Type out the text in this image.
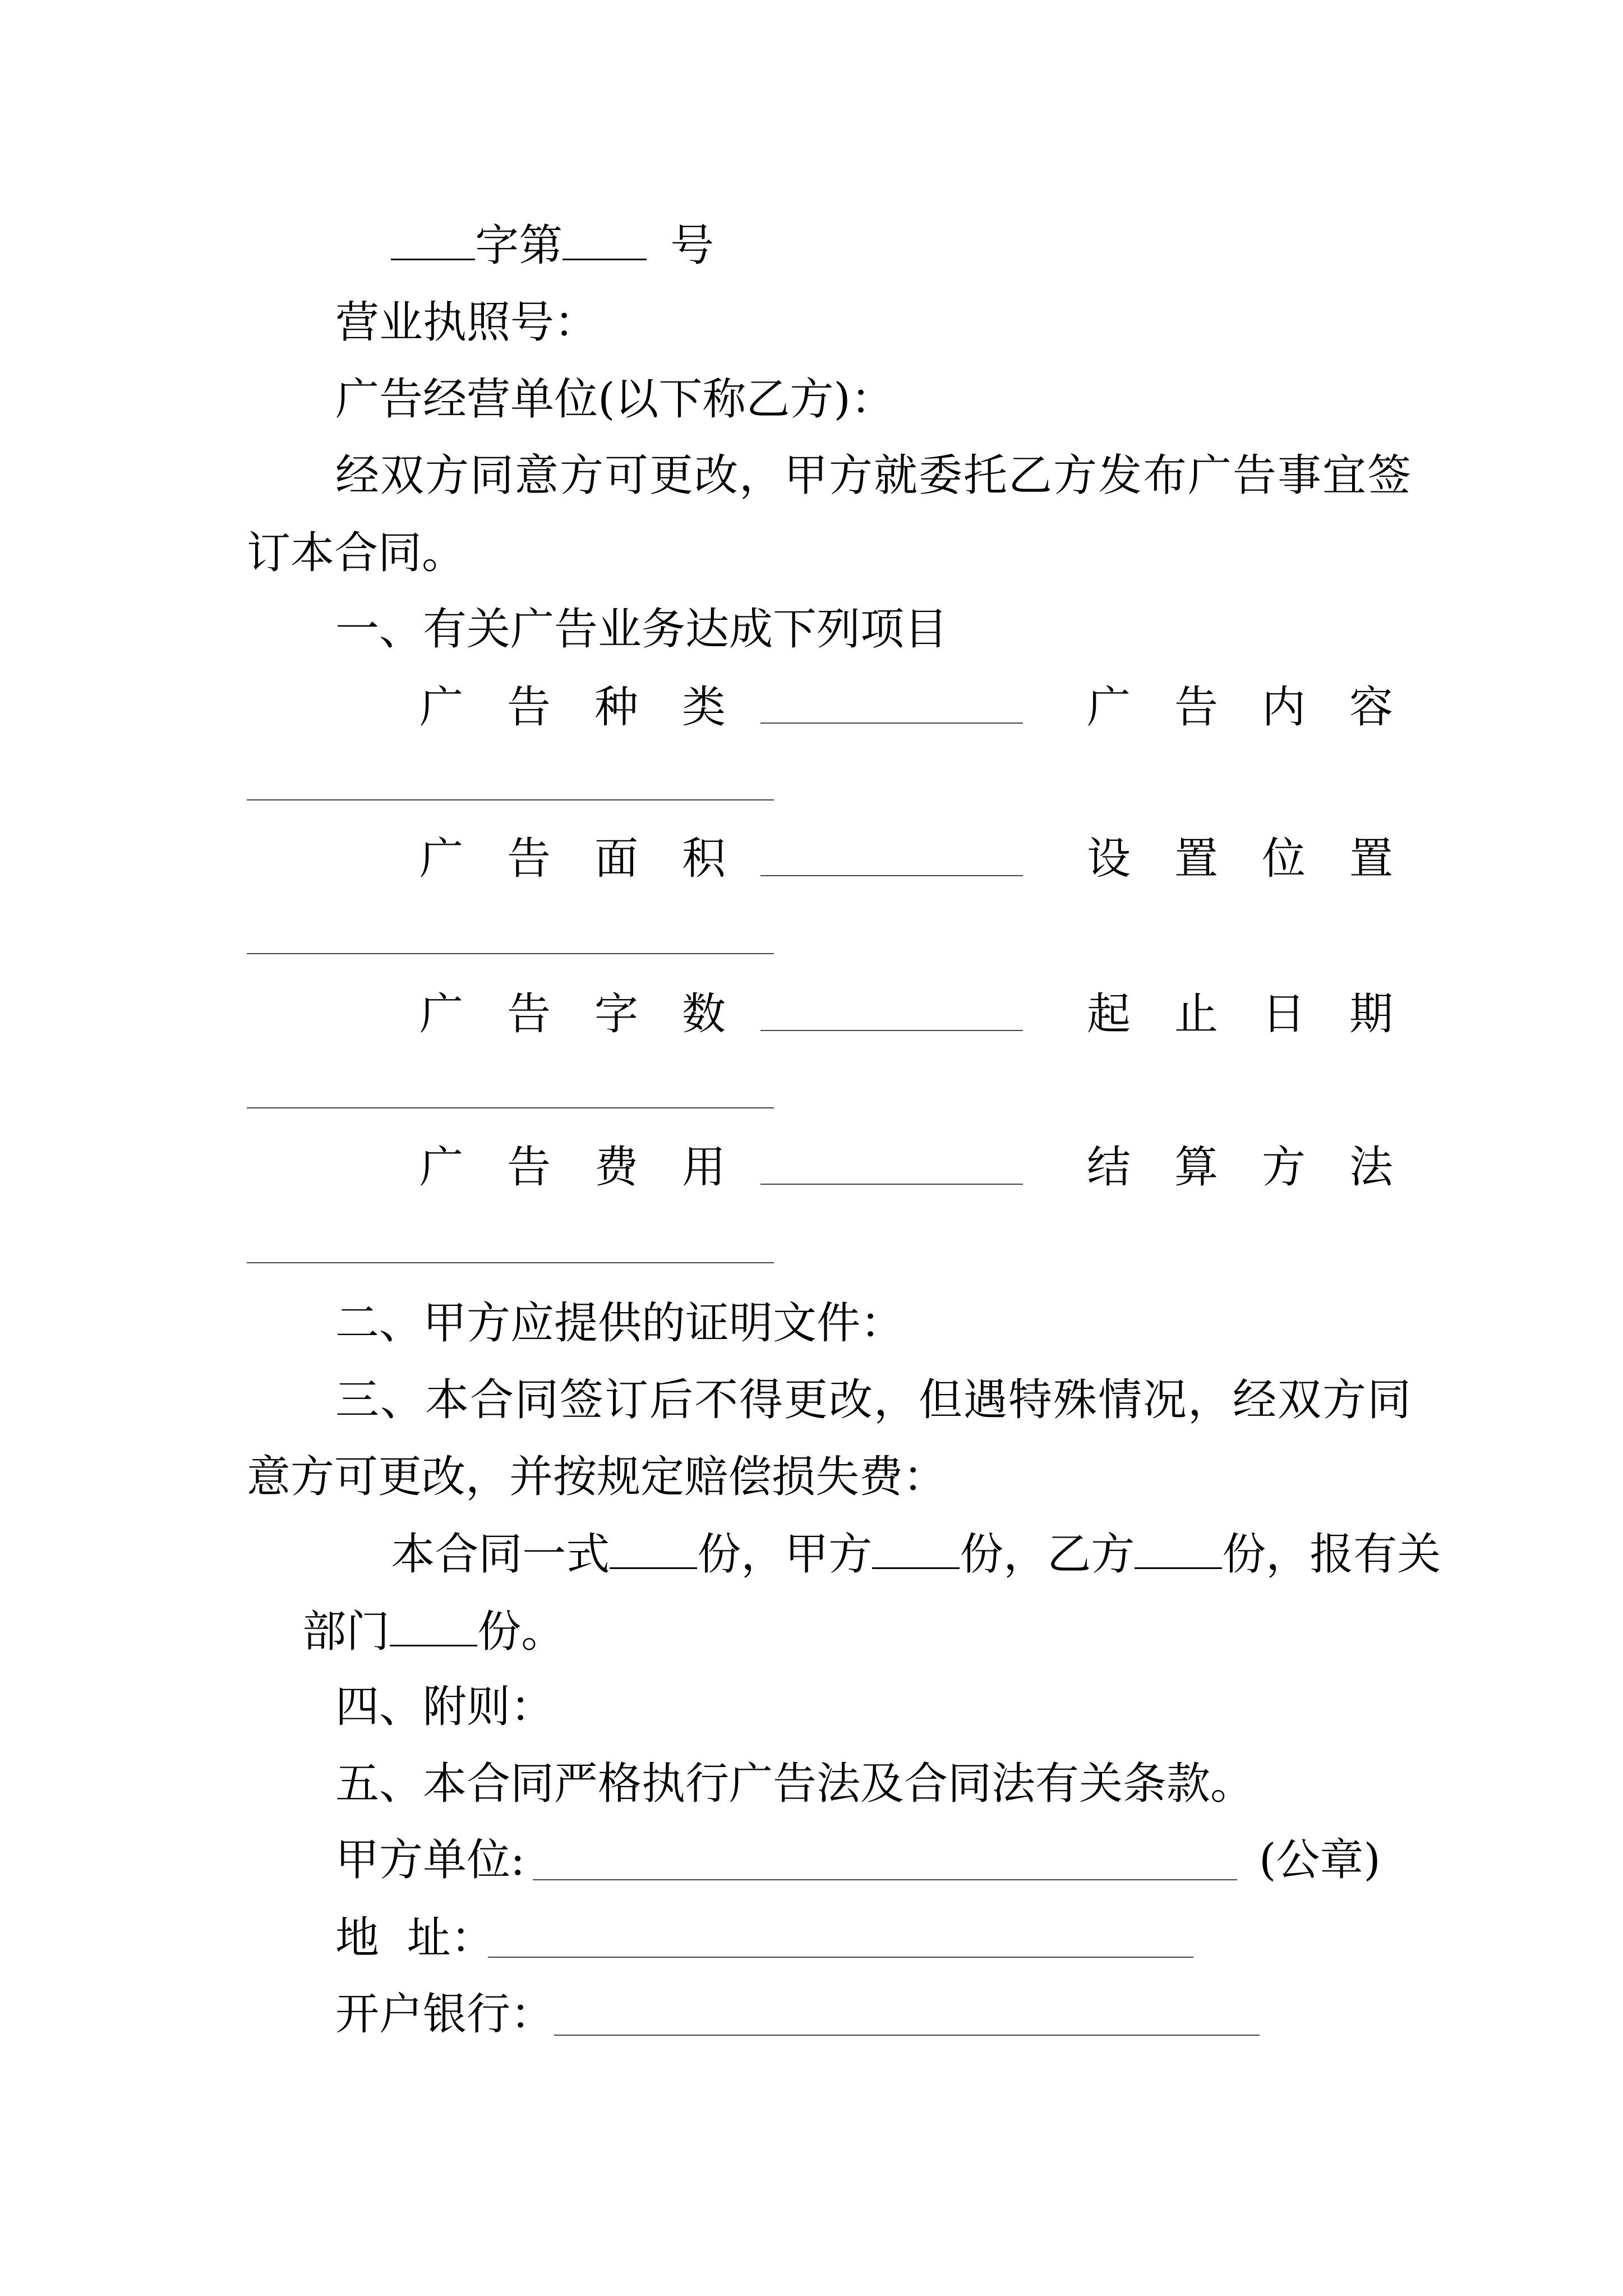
字第 号

营业执照号：
广告经营单位(以下称乙方)：
经双方同意方可更改，甲方就委托乙方发布广告事宜签
订本合同。
一、有关广告业务达成下列项目
广告种类	广告内容
广告面积	设置位置
广告字数	起止日期
广告费用	结算方法
二、甲方应提供的证明文件：
三、本合同签订后不得更改，但遇特殊情况，经双方同
意方可更改，并按规定赔偿损失费：

本合同一式 份，甲方 份，乙方 份，报有关

部门 份。

四、附则：
五、本合同严格执行广告法及合同法有关条款。
甲方单位:	(公章)
地  址：
开户银行：
